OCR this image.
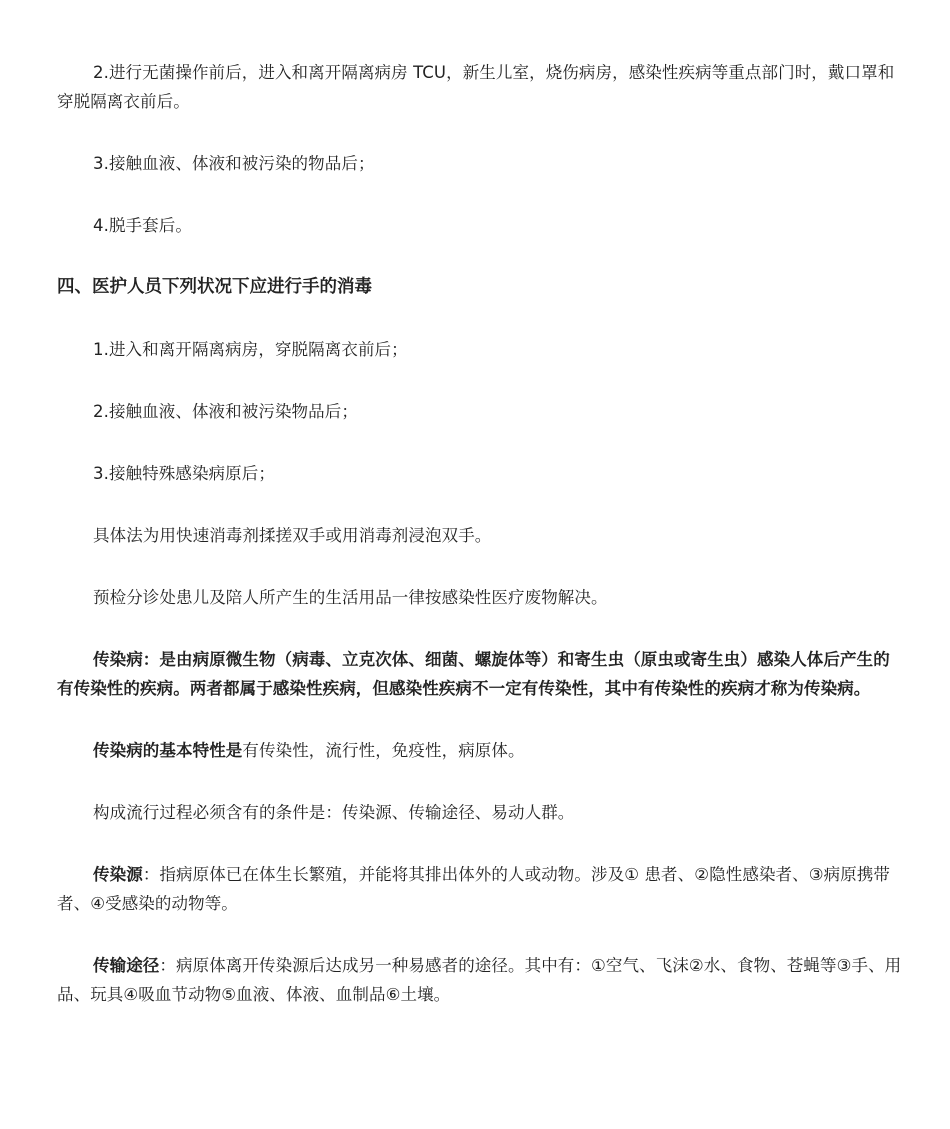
2.进行无菌操作前后，进入和离开隔离病房 TCU，新生儿室，烧伤病房，感染性疾病等重点部门时，戴口罩和穿脱隔离衣前后。

3.接触血液、体液和被污染的物品后；

4.脱手套后。

四、医护人员下列状况下应进行手的消毒

1.进入和离开隔离病房，穿脱隔离衣前后；

2.接触血液、体液和被污染物品后；

3.接触特殊感染病原后；

具体法为用快速消毒剂揉搓双手或用消毒剂浸泡双手。

预检分诊处患儿及陪人所产生的生活用品一律按感染性医疗废物解决。

传染病：是由病原微生物（病毒、立克次体、细菌、螺旋体等）和寄生虫（原虫或寄生虫）感染人体后产生的有传染性的疾病。两者都属于感染性疾病，但感染性疾病不一定有传染性，其中有传染性的疾病才称为传染病。

传染病的基本特性是有传染性，流行性，免疫性，病原体。

构成流行过程必须含有的条件是：传染源、传输途径、易动人群。

传染源：指病原体已在体生长繁殖，并能将其排出体外的人或动物。涉及① 患者、②隐性感染者、③病原携带者、④受感染的动物等。

传输途径：病原体离开传染源后达成另一种易感者的途径。其中有：①空气、飞沫②水、食物、苍蝇等③手、用品、玩具④吸血节动物⑤血液、体液、血制品⑥土壤。
